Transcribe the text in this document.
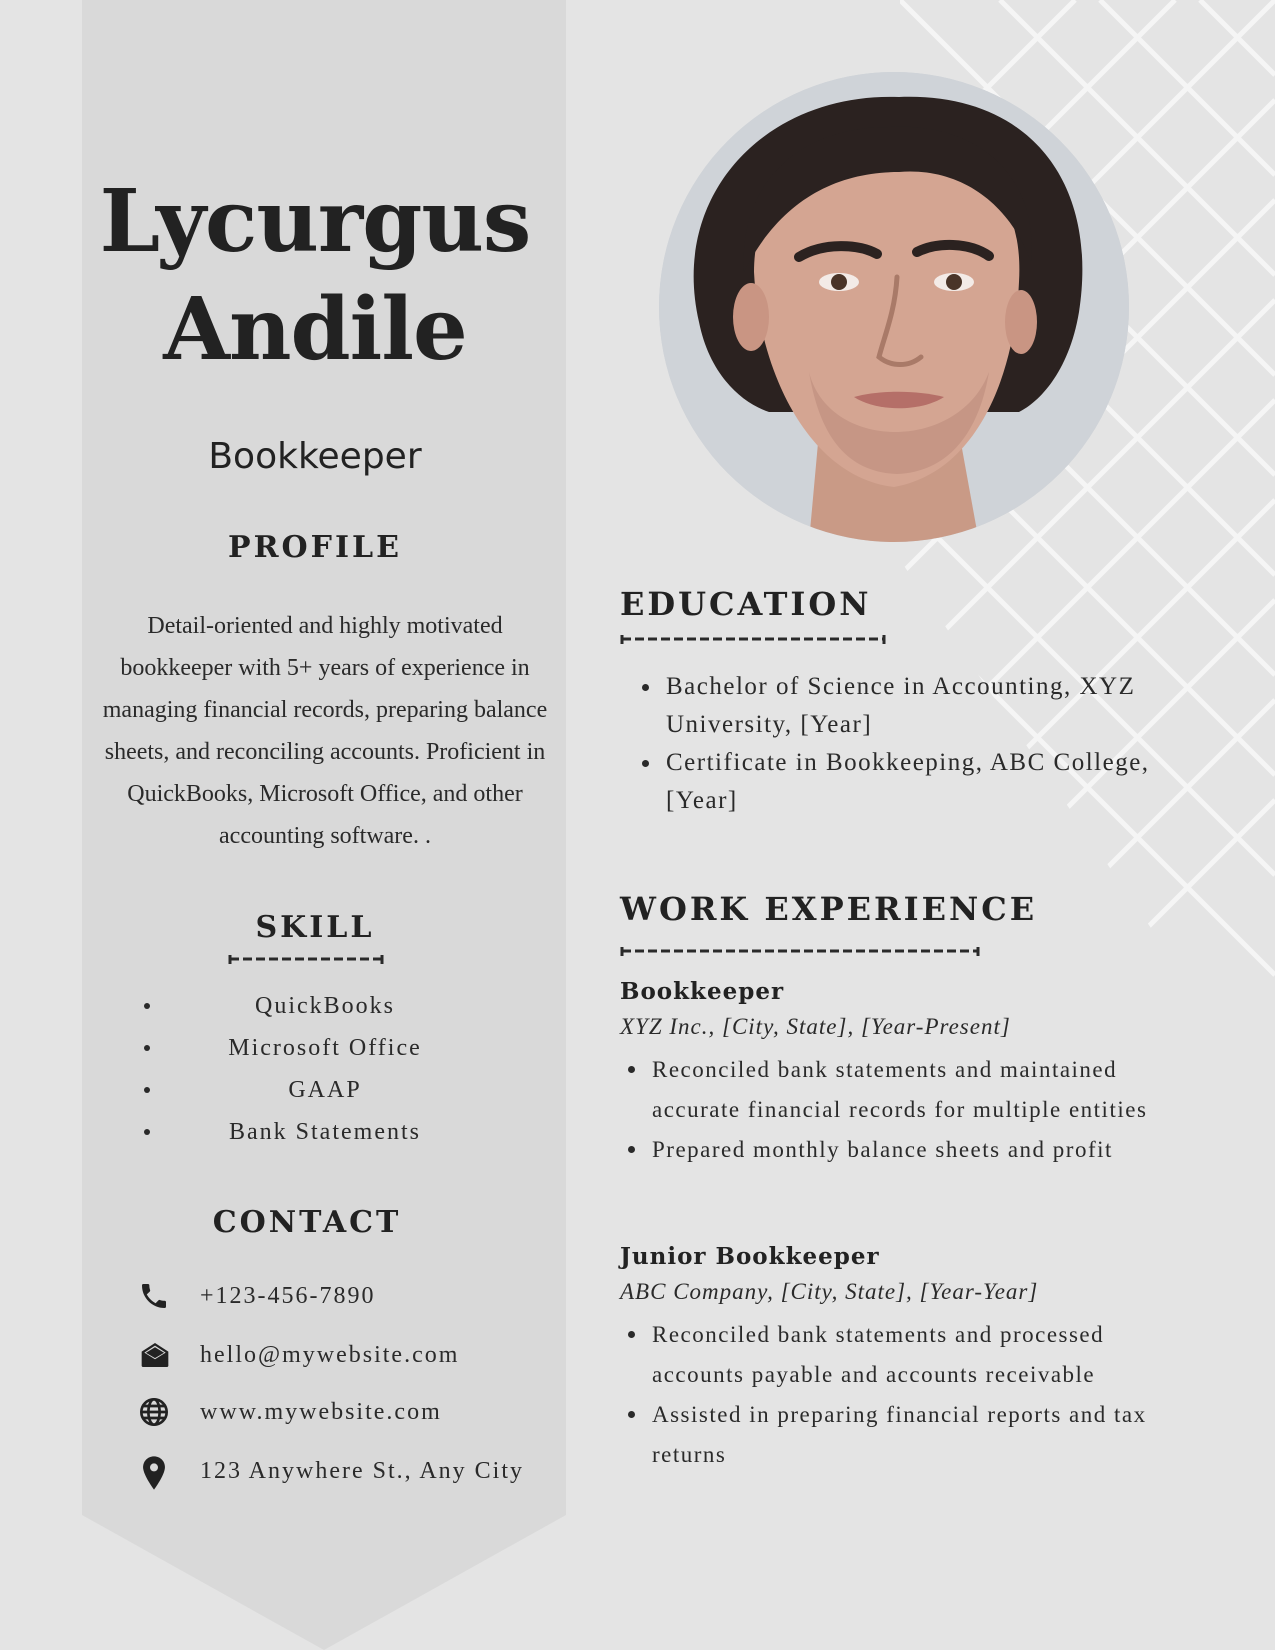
Lycurgus
Andile
Bookkeeper
PROFILE

Detail-oriented and highly motivated bookkeeper with 5+ years of experience in managing financial records, preparing balance sheets, and reconciling accounts. Proficient in QuickBooks, Microsoft Office, and other accounting software. .

SKILL
QuickBooks
Microsoft Office
GAAP
Bank Statements
CONTACT
+123-456-7890
hello@mywebsite.com
www.mywebsite.com
123 Anywhere St., Any City
EDUCATION
Bachelor of Science in Accounting, XYZ University, [Year]
Certificate in Bookkeeping, ABC College, [Year]
WORK EXPERIENCE
Bookkeeper

XYZ Inc., [City, State], [Year-Present]

Reconciled bank statements and maintained accurate financial records for multiple entities
Prepared monthly balance sheets and profit
Junior Bookkeeper

ABC Company, [City, State], [Year-Year]

Reconciled bank statements and processed accounts payable and accounts receivable
Assisted in preparing financial reports and tax returns
